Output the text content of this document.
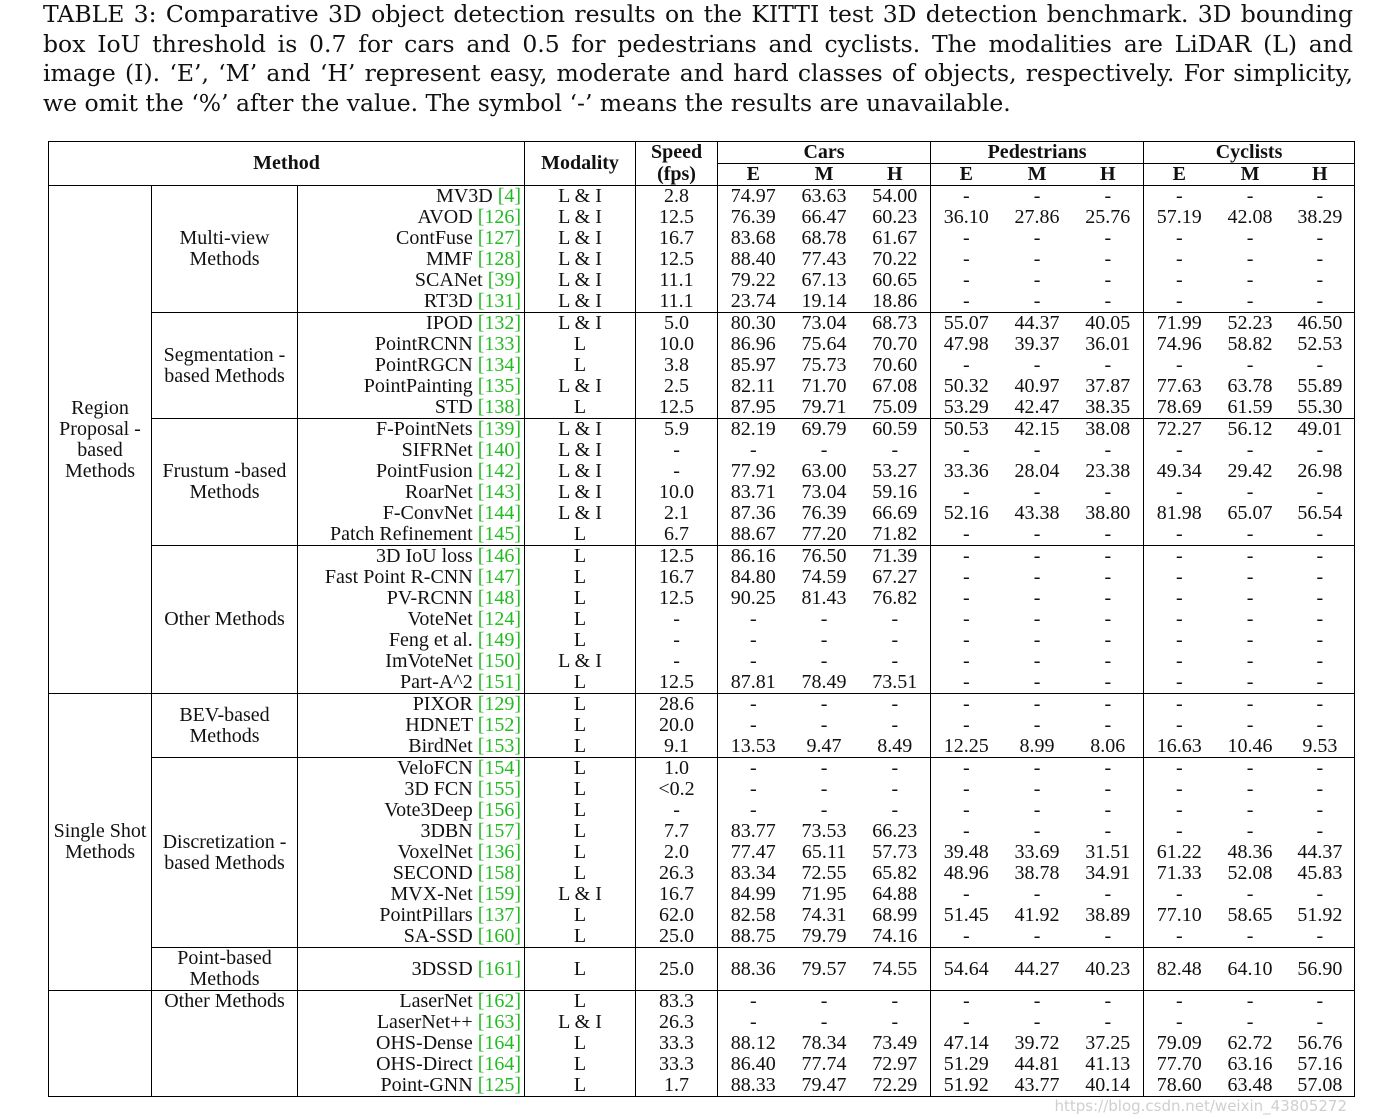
TABLE 3: Comparative 3D object detection results on the KITTI test 3D detection benchmark. 3D bounding box IoU threshold is 0.7 for cars and 0.5 for pedestrians and cyclists. The modalities are LiDAR (L) and image (I). ‘E’, ‘M’ and ‘H’ represent easy, moderate and hard classes of objects, respectively. For simplicity, we omit the ‘%’ after the value. The symbol ‘-’ means the results are unavailable.
Method			Modality	Speed	Cars			Pedestrians			Cyclists		
				(fps)	E	M	H	E	M	H	E	M	H
Region Proposal -based Methods	Multi-view Methods	MV3D [4]	L & I	2.8	74.97	63.63	54.00	-	-	-	-	-	-
		AVOD [126]	L & I	12.5	76.39	66.47	60.23	36.10	27.86	25.76	57.19	42.08	38.29
		ContFuse [127]	L & I	16.7	83.68	68.78	61.67	-	-	-	-	-	-
		MMF [128]	L & I	12.5	88.40	77.43	70.22	-	-	-	-	-	-
		SCANet [39]	L & I	11.1	79.22	67.13	60.65	-	-	-	-	-	-
		RT3D [131]	L & I	11.1	23.74	19.14	18.86	-	-	-	-	-	-
	Segmentation -based Methods	IPOD [132]	L & I	5.0	80.30	73.04	68.73	55.07	44.37	40.05	71.99	52.23	46.50
		PointRCNN [133]	L	10.0	86.96	75.64	70.70	47.98	39.37	36.01	74.96	58.82	52.53
		PointRGCN [134]	L	3.8	85.97	75.73	70.60	-	-	-	-	-	-
		PointPainting [135]	L & I	2.5	82.11	71.70	67.08	50.32	40.97	37.87	77.63	63.78	55.89
		STD [138]	L	12.5	87.95	79.71	75.09	53.29	42.47	38.35	78.69	61.59	55.30
	Frustum -based Methods	F-PointNets [139]	L & I	5.9	82.19	69.79	60.59	50.53	42.15	38.08	72.27	56.12	49.01
		SIFRNet [140]	L & I	-	-	-	-	-	-	-	-	-	-
		PointFusion [142]	L & I	-	77.92	63.00	53.27	33.36	28.04	23.38	49.34	29.42	26.98
		RoarNet [143]	L & I	10.0	83.71	73.04	59.16	-	-	-	-	-	-
		F-ConvNet [144]	L & I	2.1	87.36	76.39	66.69	52.16	43.38	38.80	81.98	65.07	56.54
		Patch Refinement [145]	L	6.7	88.67	77.20	71.82	-	-	-	-	-	-
	Other Methods	3D IoU loss [146]	L	12.5	86.16	76.50	71.39	-	-	-	-	-	-
		Fast Point R-CNN [147]	L	16.7	84.80	74.59	67.27	-	-	-	-	-	-
		PV-RCNN [148]	L	12.5	90.25	81.43	76.82	-	-	-	-	-	-
		VoteNet [124]	L	-	-	-	-	-	-	-	-	-	-
		Feng et al. [149]	L	-	-	-	-	-	-	-	-	-	-
		ImVoteNet [150]	L & I	-	-	-	-	-	-	-	-	-	-
		Part-A^2 [151]	L	12.5	87.81	78.49	73.51	-	-	-	-	-	-
Single Shot Methods	BEV-based Methods	PIXOR [129]	L	28.6	-	-	-	-	-	-	-	-	-
		HDNET [152]	L	20.0	-	-	-	-	-	-	-	-	-
		BirdNet [153]	L	9.1	13.53	9.47	8.49	12.25	8.99	8.06	16.63	10.46	9.53
	Discretization -based Methods	VeloFCN [154]	L	1.0	-	-	-	-	-	-	-	-	-
		3D FCN [155]	L	<0.2	-	-	-	-	-	-	-	-	-
		Vote3Deep [156]	L	-	-	-	-	-	-	-	-	-	-
		3DBN [157]	L	7.7	83.77	73.53	66.23	-	-	-	-	-	-
		VoxelNet [136]	L	2.0	77.47	65.11	57.73	39.48	33.69	31.51	61.22	48.36	44.37
		SECOND [158]	L	26.3	83.34	72.55	65.82	48.96	38.78	34.91	71.33	52.08	45.83
		MVX-Net [159]	L & I	16.7	84.99	71.95	64.88	-	-	-	-	-	-
		PointPillars [137]	L	62.0	82.58	74.31	68.99	51.45	41.92	38.89	77.10	58.65	51.92
		SA-SSD [160]	L	25.0	88.75	79.79	74.16	-	-	-	-	-	-
	Point-based Methods	3DSSD [161]	L	25.0	88.36	79.57	74.55	54.64	44.27	40.23	82.48	64.10	56.90
	Other Methods	LaserNet [162]	L	83.3	-	-	-	-	-	-	-	-	-
		LaserNet++ [163]	L & I	26.3	-	-	-	-	-	-	-	-	-
		OHS-Dense [164]	L	33.3	88.12	78.34	73.49	47.14	39.72	37.25	79.09	62.72	56.76
		OHS-Direct [164]	L	33.3	86.40	77.74	72.97	51.29	44.81	41.13	77.70	63.16	57.16
		Point-GNN [125]	L	1.7	88.33	79.47	72.29	51.92	43.77	40.14	78.60	63.48	57.08
https://blog.csdn.net/weixin_43805272
